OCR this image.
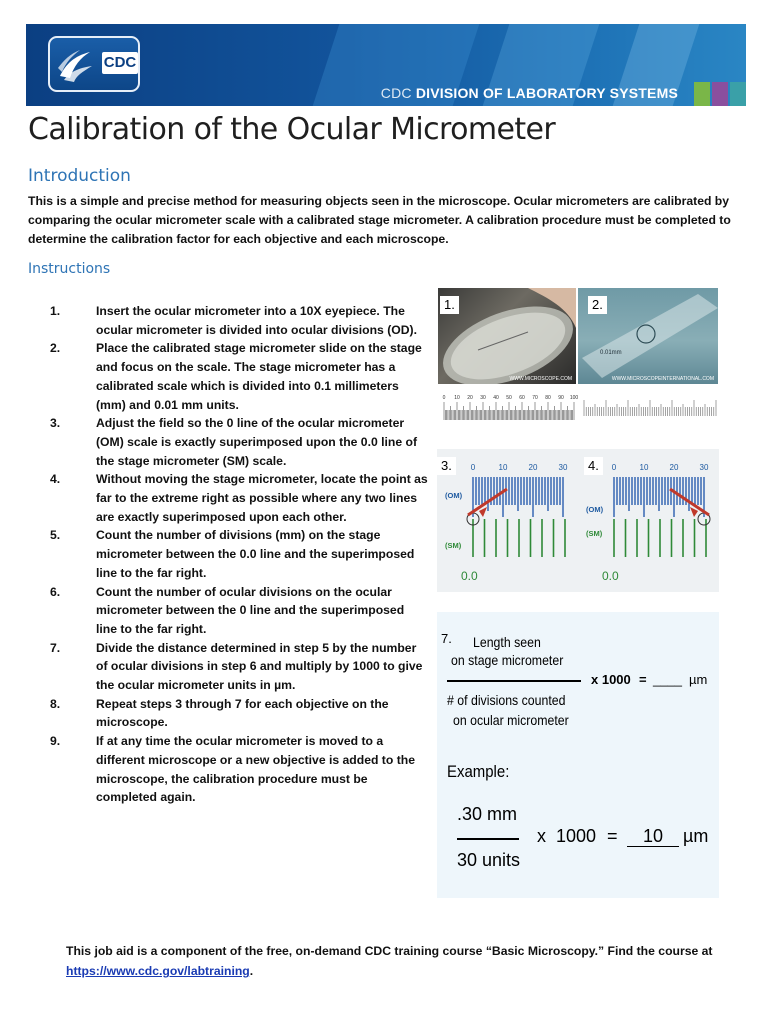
CDC
CDC DIVISION OF LABORATORY SYSTEMS
Calibration of the Ocular Micrometer
Introduction
This is a simple and precise method for measuring objects seen in the microscope. Ocular micrometers are calibrated by comparing the ocular micrometer scale with a calibrated stage micrometer. A calibration procedure must be completed to determine the calibration factor for each objective and each microscope.
Instructions
1.	Insert the ocular micrometer into a 10X eyepiece. The ocular micrometer is divided into ocular divisions (OD).
2.	Place the calibrated stage micrometer slide on the stage and focus on the scale. The stage micrometer has a calibrated scale which is divided into 0.1 millimeters (mm) and 0.01 mm units.
3.	Adjust the field so the 0 line of the ocular micrometer (OM) scale is exactly superimposed upon the 0.0 line of the stage micrometer (SM) scale.
4.	Without moving the stage micrometer, locate the point as far to the extreme right as possible where any two lines are exactly superimposed upon each other.
5.	Count the number of divisions (mm) on the stage micrometer between the 0.0 line and the superimposed line to the far right.
6.	Count the number of ocular divisions on the ocular micrometer between the 0 line and the superimposed line to the far right.
7.	Divide the distance determined in step 5 by the number of ocular divisions in step 6 and multiply by 1000 to give the ocular micrometer units in µm.
8.	Repeat steps 3 through 7 for each objective on the microscope.
9.	If at any time the ocular micrometer is moved to a different microscope or a new objective is added to the microscope, the calibration procedure must be completed again.
1.
WWW.MICROSCOPE.COM
2.
0.01mm
WWW.MICROSCOPEINTERNATIONAL.COM
0 10 20 30 40 50 60 70 80 90 100
0	10	20	30
3.
(OM)
(SM)
0.0
0	10	20	30
4.
(OM)
(SM)
0.0
7. Length seen
on stage micrometer
# of divisions counted
on ocular micrometer
x 1000 = ____ µm
Example:
.30 mm
30 units
x  1000 =	10	µm
This job aid is a component of the free, on-demand CDC training course “Basic Microscopy.” Find the course at https://www.cdc.gov/labtraining.
